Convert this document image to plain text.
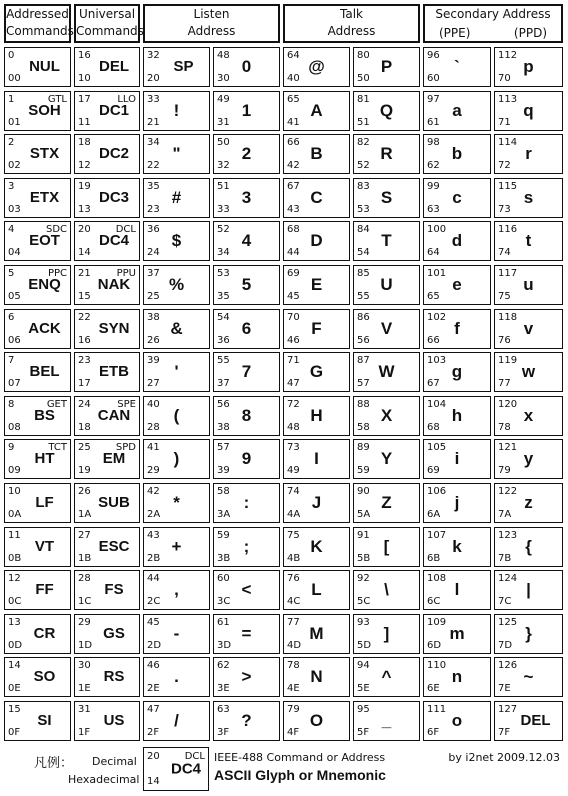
Addressed
Commands
Universal
Commands
Listen
Address
Talk
Address
Secondary Address
(PPE)	(PPD)
0
00
NUL
1
01
GTL
SOH
2
02
STX
3
03
ETX
4
04
SDC
EOT
5
05
PPC
ENQ
6
06
ACK
7
07
BEL
8
08
GET
BS
9
09
TCT
HT
10
0A
LF
11
0B
VT
12
0C
FF
13
0D
CR
14
0E
SO
15
0F
SI
16
10
DEL
17
11
LLO
DC1
18
12
DC2
19
13
DC3
20
14
DCL
DC4
21
15
PPU
NAK
22
16
SYN
23
17
ETB
24
18
SPE
CAN
25
19
SPD
EM
26
1A
SUB
27
1B
ESC
28
1C
FS
29
1D
GS
30
1E
RS
31
1F
US
32
20
SP
33
21
!
34
22
"
35
23
#
36
24
$
37
25
%
38
26
&
39
27
'
40
28
(
41
29
)
42
2A
*
43
2B
+
44
2C
,
45
2D
-
46
2E
.
47
2F
/
48
30
0
49
31
1
50
32
2
51
33
3
52
34
4
53
35
5
54
36
6
55
37
7
56
38
8
57
39
9
58
3A
:
59
3B
;
60
3C
<
61
3D
=
62
3E
>
63
3F
?
64
40
@
65
41
A
66
42
B
67
43
C
68
44
D
69
45
E
70
46
F
71
47
G
72
48
H
73
49
I
74
4A
J
75
4B
K
76
4C
L
77
4D
M
78
4E
N
79
4F
O
80
50
P
81
51
Q
82
52
R
83
53
S
84
54
T
85
55
U
86
56
V
87
57
W
88
58
X
89
59
Y
90
5A
Z
91
5B
[
92
5C
\
93
5D
]
94
5E
^
95
5F
_
96
60
`
97
61
a
98
62
b
99
63
c
100
64
d
101
65
e
102
66
f
103
67
g
104
68
h
105
69
i
106
6A
j
107
6B
k
108
6C
l
109
6D
m
110
6E
n
111
6F
o
112
70
p
113
71
q
114
72
r
115
73
s
116
74
t
117
75
u
118
76
v
119
77
w
120
78
x
121
79
y
122
7A
z
123
7B
{
124
7C
|
125
7D
}
126
7E
~
127
7F
DEL
凡例： Decimal
Hexadecimal
20	DCL
DC4
14
IEEE-488 Command or Address
ASCII Glyph or Mnemonic
by i2net 2009.12.03
